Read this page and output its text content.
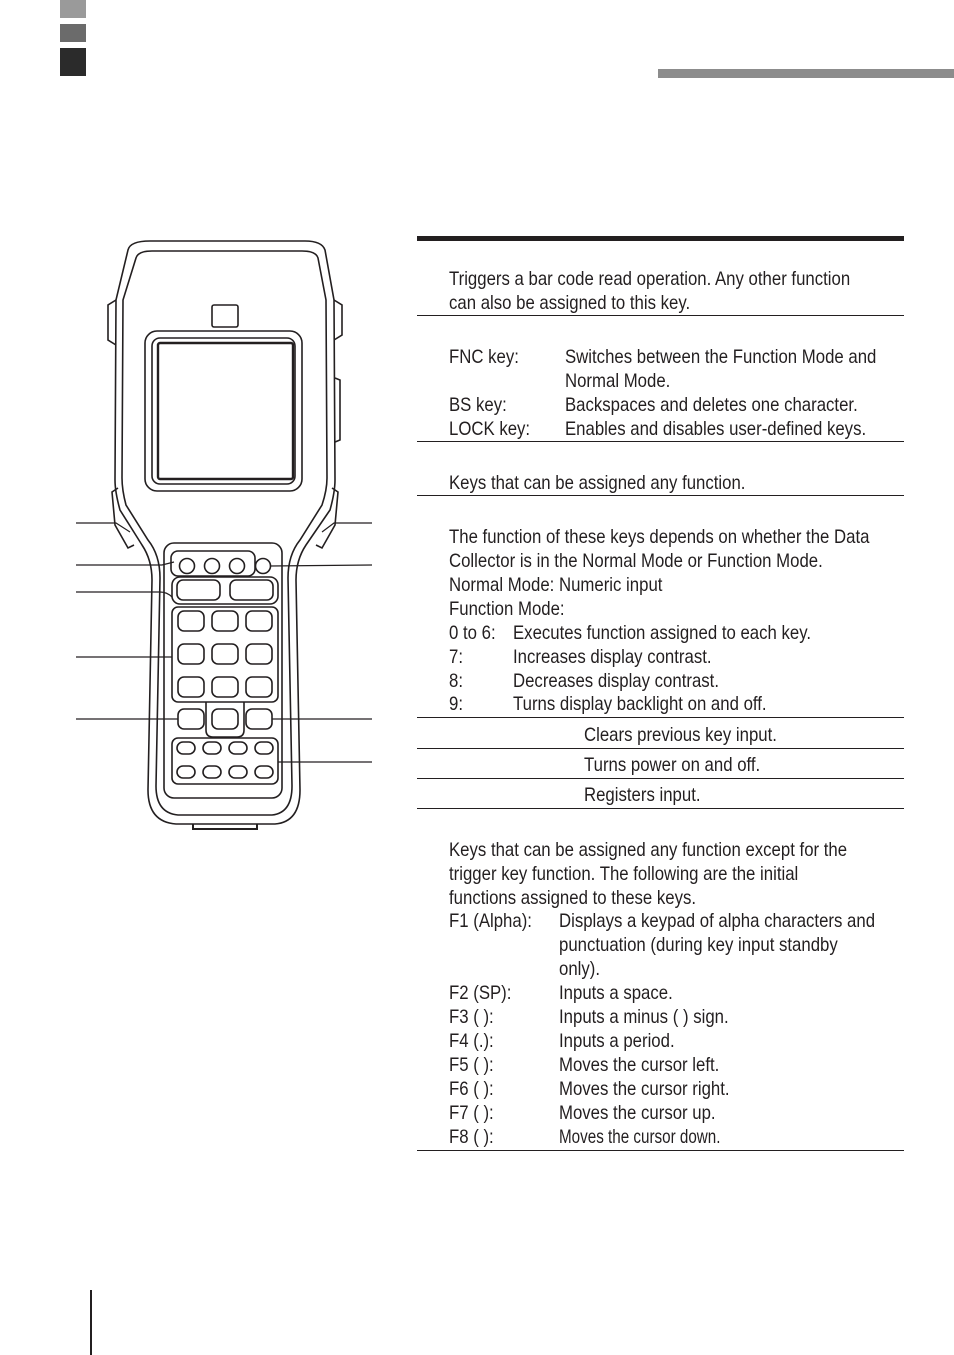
Triggers a bar code read operation. Any other function
can also be assigned to this key.
FNC key: Switches between the Function Mode and
Normal Mode.
BS key:	Backspaces and deletes one character.
LOCK key: Enables and disables user-defined keys.
Keys that can be assigned any function.
The function of these keys depends on whether the Data
Collector is in the Normal Mode or Function Mode.
Normal Mode: Numeric input
Function Mode:
0 to 6: Executes function assigned to each key.
7:	Increases display contrast.
8:	Decreases display contrast.
9:	Turns display backlight on and off.
Clears previous key input.
Turns power on and off.
Registers input.
Keys that can be assigned any function except for the
trigger key function. The following are the initial
functions assigned to these keys.
F1 (Alpha): Displays a keypad of alpha characters and
punctuation (during key input standby
only).
F2 (SP): Inputs a space.
F3 ( ):	Inputs a minus ( ) sign.
F4 (.):	Inputs a period.
F5 ( ):	Moves the cursor left.
F6 ( ):	Moves the cursor right.
F7 ( ):	Moves the cursor up.
F8 ( ):	Moves the cursor down.
